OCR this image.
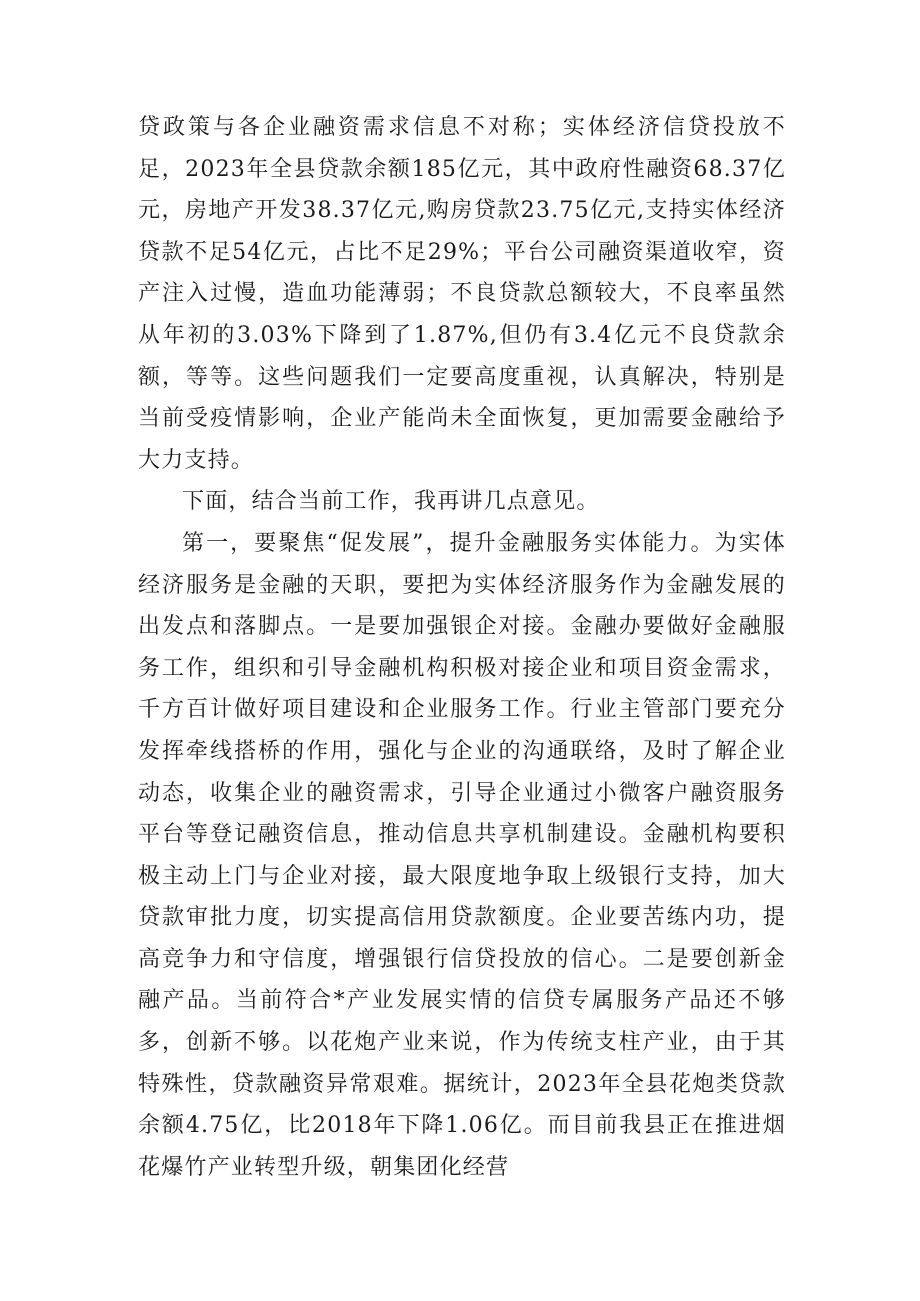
贷政策与各企业融资需求信息不对称；实体经济信贷投放不足，2023年全县贷款余额185亿元，其中政府性融资68.37亿元，房地产开发38.37亿元,购房贷款23.75亿元,支持实体经济贷款不足54亿元，占比不足29%；平台公司融资渠道收窄，资产注入过慢，造血功能薄弱；不良贷款总额较大，不良率虽然从年初的3.03%下降到了1.87%,但仍有3.4亿元不良贷款余额，等等。这些问题我们一定要高度重视，认真解决，特别是当前受疫情影响，企业产能尚未全面恢复，更加需要金融给予大力支持。

下面，结合当前工作，我再讲几点意见。

第一，要聚焦“促发展”，提升金融服务实体能力。为实体经济服务是金融的天职，要把为实体经济服务作为金融发展的出发点和落脚点。一是要加强银企对接。金融办要做好金融服务工作，组织和引导金融机构积极对接企业和项目资金需求，千方百计做好项目建设和企业服务工作。行业主管部门要充分发挥牵线搭桥的作用，强化与企业的沟通联络，及时了解企业动态，收集企业的融资需求，引导企业通过小微客户融资服务平台等登记融资信息，推动信息共享机制建设。金融机构要积极主动上门与企业对接，最大限度地争取上级银行支持，加大贷款审批力度，切实提高信用贷款额度。企业要苦练内功，提高竞争力和守信度，增强银行信贷投放的信心。二是要创新金融产品。当前符合*产业发展实情的信贷专属服务产品还不够多，创新不够。以花炮产业来说，作为传统支柱产业，由于其特殊性，贷款融资异常艰难。据统计，2023年全县花炮类贷款余额4.75亿，比2018年下降1.06亿。而目前我县正在推进烟花爆竹产业转型升级，朝集团化经营
